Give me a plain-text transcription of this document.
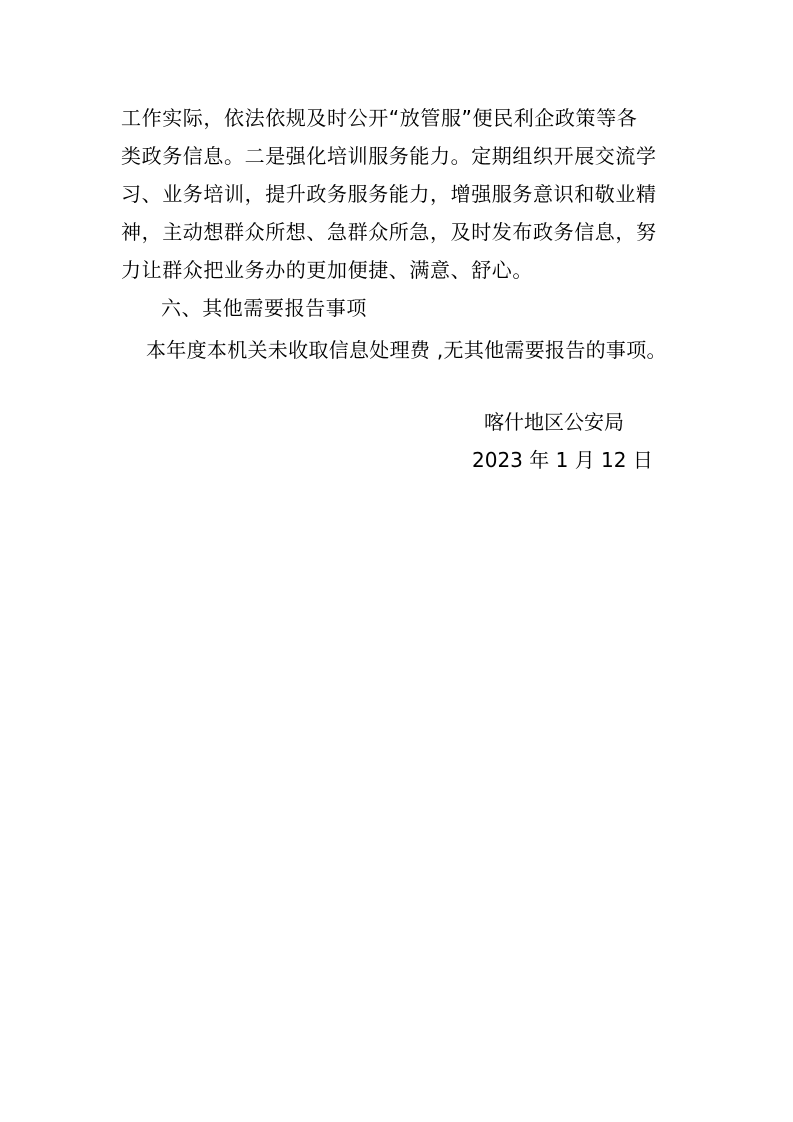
工作实际，依法依规及时公开“放管服”便民利企政策等各
类政务信息。二是强化培训服务能力。定期组织开展交流学
习、业务培训，提升政务服务能力，增强服务意识和敬业精
神，主动想群众所想、急群众所急，及时发布政务信息，努
力让群众把业务办的更加便捷、满意、舒心。
六、其他需要报告事项
本年度本机关未收取信息处理费 ,无其他需要报告的事项。
喀什地区公安局
2023 年 1 月 12 日
